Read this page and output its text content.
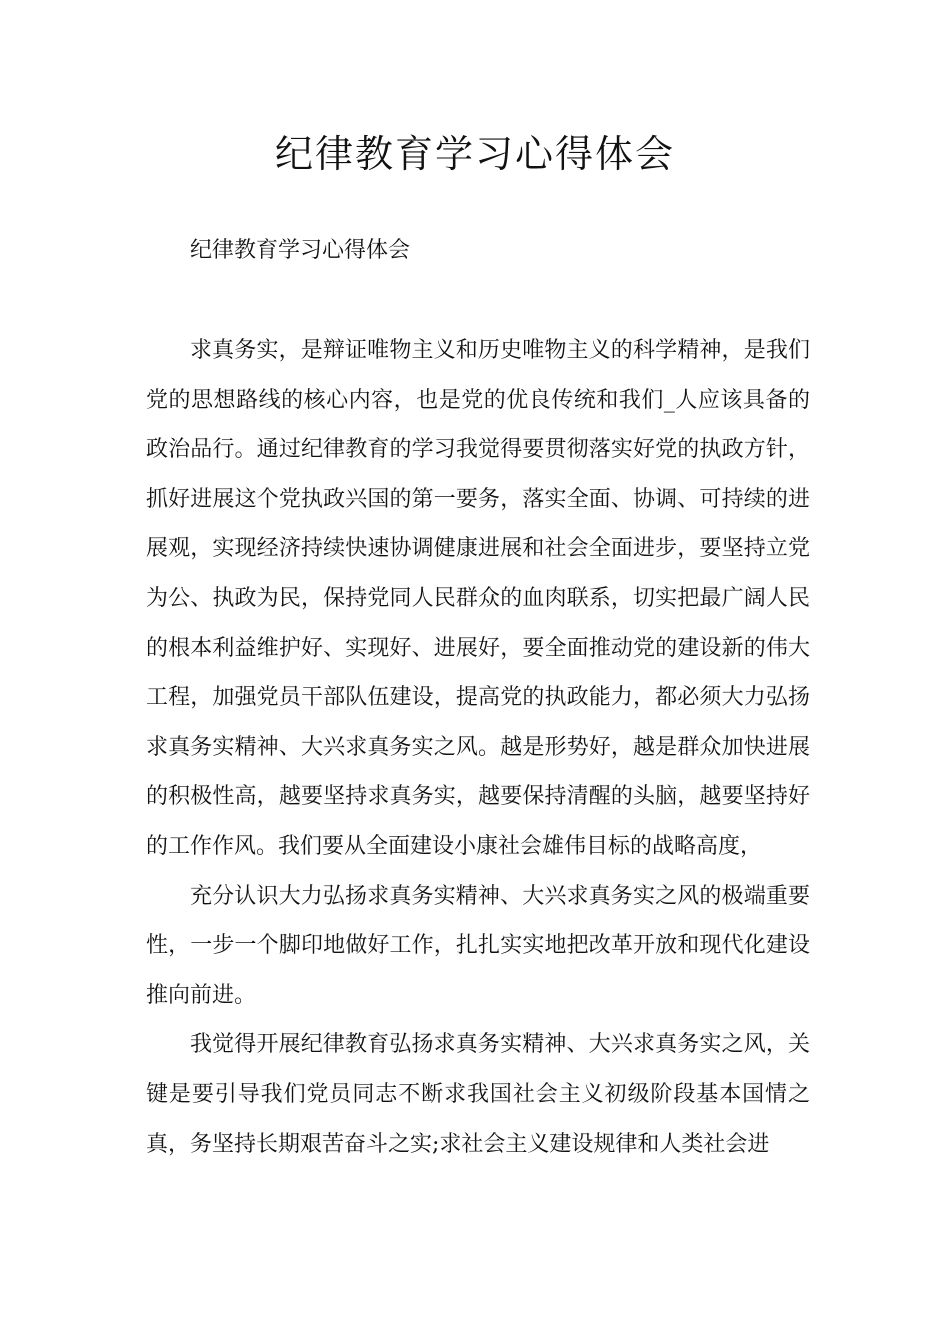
纪律教育学习心得体会
纪律教育学习心得体会

求真务实，是辩证唯物主义和历史唯物主义的科学精神，是我们党的思想路线的核心内容，也是党的优良传统和我们_人应该具备的政治品行。通过纪律教育的学习我觉得要贯彻落实好党的执政方针，抓好进展这个党执政兴国的第一要务，落实全面、协调、可持续的进展观，实现经济持续快速协调健康进展和社会全面进步，要坚持立党为公、执政为民，保持党同人民群众的血肉联系，切实把最广阔人民的根本利益维护好、实现好、进展好，要全面推动党的建设新的伟大工程，加强党员干部队伍建设，提高党的执政能力，都必须大力弘扬求真务实精神、大兴求真务实之风。越是形势好，越是群众加快进展的积极性高，越要坚持求真务实，越要保持清醒的头脑，越要坚持好的工作作风。我们要从全面建设小康社会雄伟目标的战略高度，

充分认识大力弘扬求真务实精神、大兴求真务实之风的极端重要性，一步一个脚印地做好工作，扎扎实实地把改革开放和现代化建设推向前进。

我觉得开展纪律教育弘扬求真务实精神、大兴求真务实之风，关键是要引导我们党员同志不断求我国社会主义初级阶段基本国情之真，务坚持长期艰苦奋斗之实;求社会主义建设规律和人类社会进
